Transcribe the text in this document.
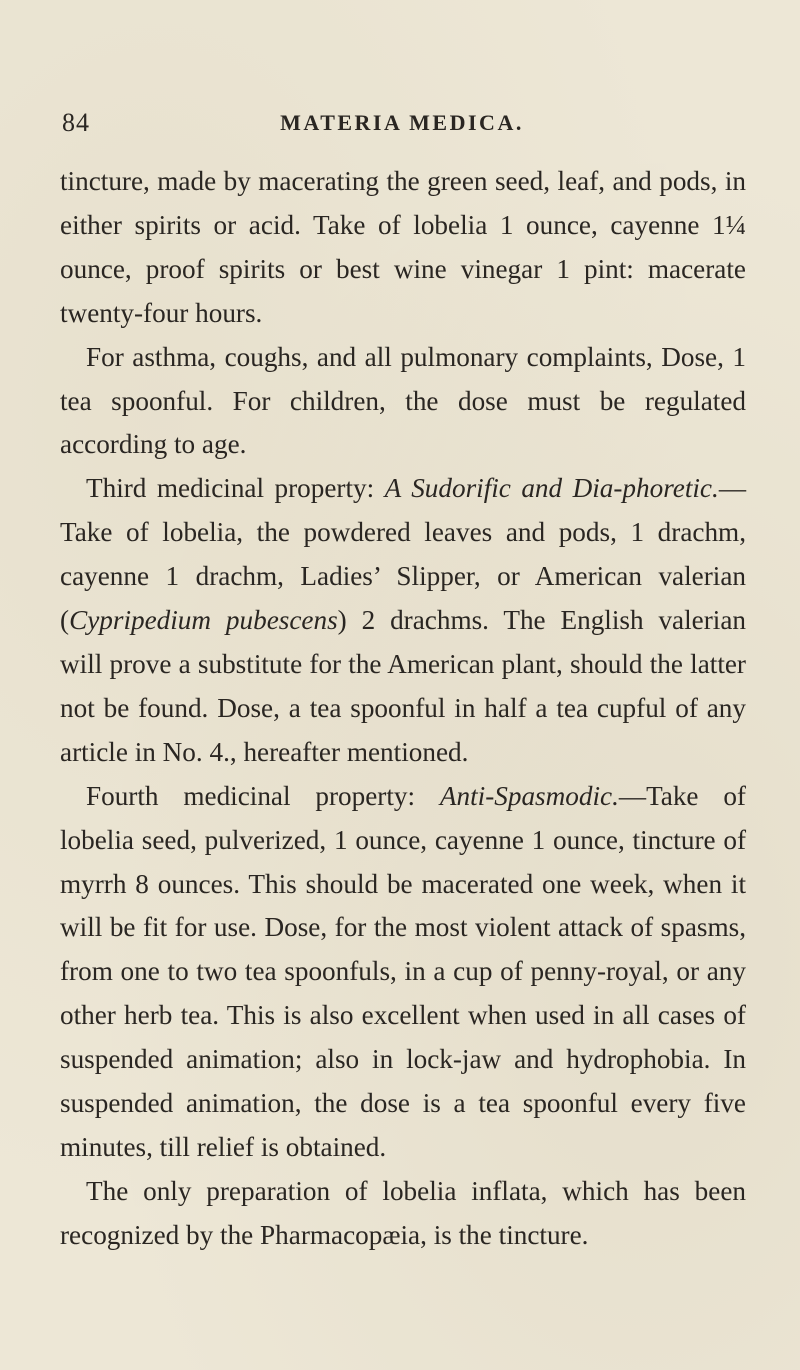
84	MATERIA MEDICA.

tincture, made by macerating the green seed, leaf, and pods, in either spirits or acid. Take of lobelia 1 ounce, cayenne 1¼ ounce, proof spirits or best wine vinegar 1 pint: macerate twenty-four hours.

For asthma, coughs, and all pulmonary complaints, Dose, 1 tea spoonful. For children, the dose must be regulated according to age.

Third medicinal property: A Sudorific and Dia-phoretic.—Take of lobelia, the powdered leaves and pods, 1 drachm, cayenne 1 drachm, Ladies’ Slipper, or American valerian (Cypripedium pubescens) 2 drachms. The English valerian will prove a substitute for the American plant, should the latter not be found. Dose, a tea spoonful in half a tea cupful of any article in No. 4., hereafter mentioned.

Fourth medicinal property: Anti-Spasmodic.—Take of lobelia seed, pulverized, 1 ounce, cayenne 1 ounce, tincture of myrrh 8 ounces. This should be macerated one week, when it will be fit for use. Dose, for the most violent attack of spasms, from one to two tea spoonfuls, in a cup of penny-royal, or any other herb tea. This is also excellent when used in all cases of suspended animation; also in lock-jaw and hydrophobia. In suspended animation, the dose is a tea spoonful every five minutes, till relief is obtained.

The only preparation of lobelia inflata, which has been recognized by the Pharmacopæia, is the tincture.
